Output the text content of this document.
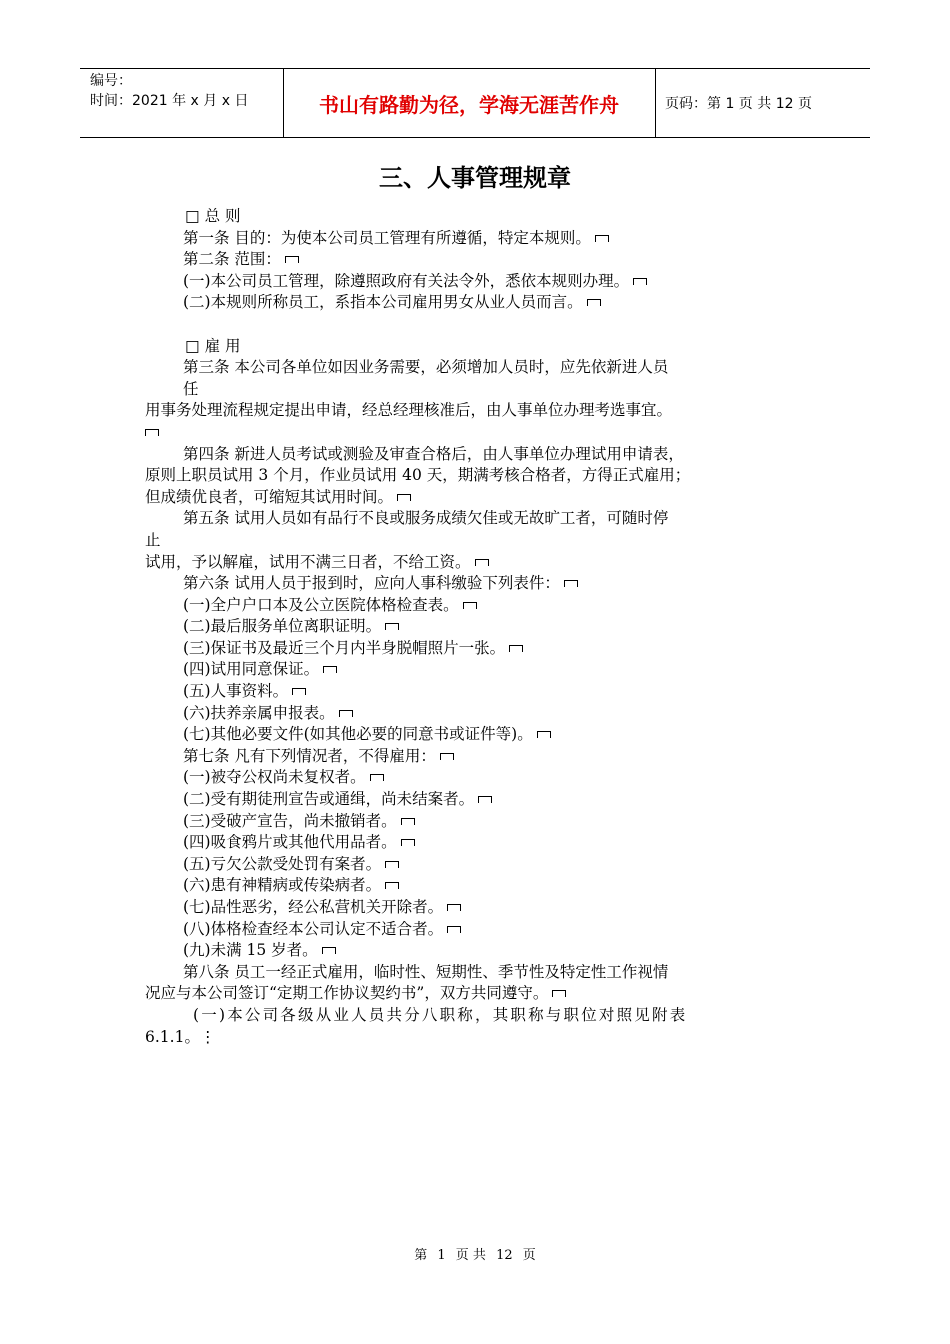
编号：
时间：2021 年 x 月 x 日	书山有路勤为径，学海无涯苦作舟	页码：第 1 页 共 12 页
三、人事管理规章
□ 总 则
第一条 目的：为使本公司员工管理有所遵循，特定本规则。
第二条 范围：
(一)本公司员工管理，除遵照政府有关法令外，悉依本规则办理。
(二)本规则所称员工，系指本公司雇用男女从业人员而言。
□ 雇 用
第三条 本公司各单位如因业务需要，必须增加人员时，应先依新进人员
任
用事务处理流程规定提出申请，经总经理核准后，由人事单位办理考选事宜。
第四条 新进人员考试或测验及审查合格后，由人事单位办理试用申请表，
原则上职员试用 3 个月，作业员试用 40 天，期满考核合格者，方得正式雇用；
但成绩优良者，可缩短其试用时间。
第五条 试用人员如有品行不良或服务成绩欠佳或无故旷工者，可随时停
止
试用，予以解雇，试用不满三日者，不给工资。
第六条 试用人员于报到时，应向人事科缴验下列表件：
(一)全户户口本及公立医院体格检查表。
(二)最后服务单位离职证明。
(三)保证书及最近三个月内半身脱帽照片一张。
(四)试用同意保证。
(五)人事资料。
(六)扶养亲属申报表。
(七)其他必要文件(如其他必要的同意书或证件等)。
第七条 凡有下列情况者，不得雇用：
(一)被夺公权尚未复权者。
(二)受有期徒刑宣告或通缉，尚未结案者。
(三)受破产宣告，尚未撤销者。
(四)吸食鸦片或其他代用品者。
(五)亏欠公款受处罚有案者。
(六)患有神精病或传染病者。
(七)品性恶劣，经公私营机关开除者。
(八)体格检查经本公司认定不适合者。
(九)未满 15 岁者。
第八条 员工一经正式雇用，临时性、短期性、季节性及特定性工作视情
况应与本公司签订“定期工作协议契约书”，双方共同遵守。
(一)本公司各级从业人员共分八职称，其职称与职位对照见附表
6.1.1。⋮
第 1 页 共 12 页
